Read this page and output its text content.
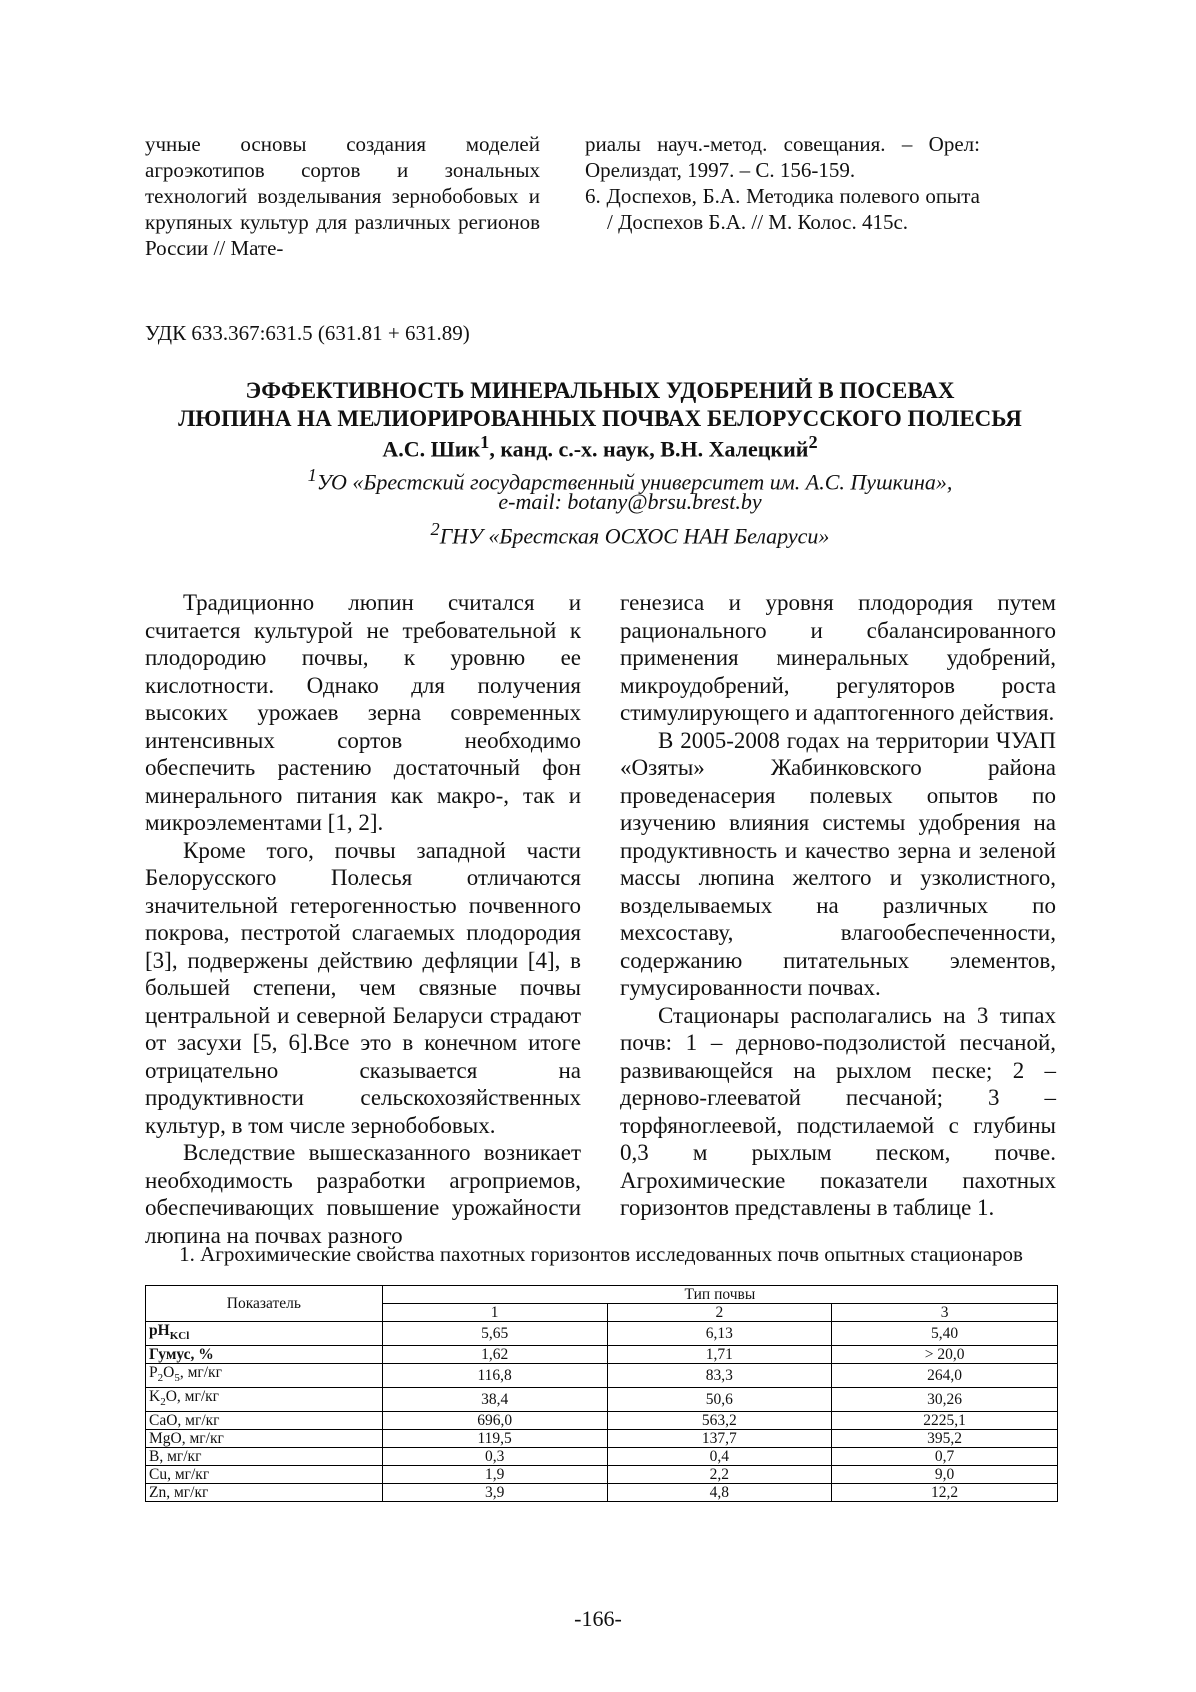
учные основы создания моделей агроэкотипов сортов и зональных технологий возделывания зернобобовых и крупяных культур для различных регионов России // Мате-

риалы науч.-метод. совещания. – Орел: Орелиздат, 1997. – С. 156-159.

6. Доспехов, Б.А. Методика полевого опыта / Доспехов Б.А. // М. Колос. 415с.

УДК 633.367:631.5 (631.81 + 631.89)
ЭФФЕКТИВНОСТЬ МИНЕРАЛЬНЫХ УДОБРЕНИЙ В ПОСЕВАХ
ЛЮПИНА НА МЕЛИОРИРОВАННЫХ ПОЧВАХ БЕЛОРУССКОГО ПОЛЕСЬЯ
А.С. Шик$^1$, канд. с.-х. наук, В.Н. Халецкий$^2$
$^1$УО «Брестский государственный университет им. А.С. Пушкина»,
e-mail: botany@brsu.brest.by
$^2$ГНУ «Брестская ОСХОС НАН Беларуси»

Традиционно люпин считался и считается культурой не требовательной к плодородию почвы, к уровню ее кислотности. Однако для получения высоких урожаев зерна современных интенсивных сортов необходимо обеспечить растению достаточный фон минерального питания как макро-, так и микроэлементами [1, 2].

Кроме того, почвы западной части Белорусского Полесья отличаются значительной гетерогенностью почвенного покрова, пестротой слагаемых плодородия [3], подвержены действию дефляции [4], в большей степени, чем связные почвы центральной и северной Беларуси страдают от засухи [5, 6].Все это в конечном итоге отрицательно сказывается на продуктивности сельскохозяйственных культур, в том числе зернобобовых.

Вследствие вышесказанного возникает необходимость разработки агроприемов, обеспечивающих повышение урожайности люпина на почвах разного

генезиса и уровня плодородия путем рационального и сбалансированного применения минеральных удобрений, микроудобрений, регуляторов роста стимулирующего и адаптогенного действия.

В 2005-2008 годах на территории ЧУАП «Озяты» Жабинковского района проведенасерия полевых опытов по изучению влияния системы удобрения на продуктивность и качество зерна и зеленой массы люпина желтого и узколистного, возделываемых на различных по мехсоставу, влагообеспеченности, содержанию питательных элементов, гумусированности почвах.

Стационары располагались на 3 типах почв: 1 – дерново-подзолистой песчаной, развивающейся на рыхлом песке; 2 – дерново-глееватой песчаной; 3 – торфяноглеевой, подстилаемой с глубины 0,3 м рыхлым песком, почве. Агрохимические показатели пахотных горизонтов представлены в таблице 1.

1. Агрохимические свойства пахотных горизонтов исследованных почв опытных стационаров
Показатель	Тип почвы		
	1	2	3
$pH_{KCl}$	5,65	6,13	5,40
Гумус, %	1,62	1,71	> 20,0
$P_2O_5$, мг/кг	116,8	83,3	264,0
$K_2O$, мг/кг	38,4	50,6	30,26
CaO, мг/кг	696,0	563,2	2225,1
MgO, мг/кг	119,5	137,7	395,2
B, мг/кг	0,3	0,4	0,7
Cu, мг/кг	1,9	2,2	9,0
Zn, мг/кг	3,9	4,8	12,2
-166-
